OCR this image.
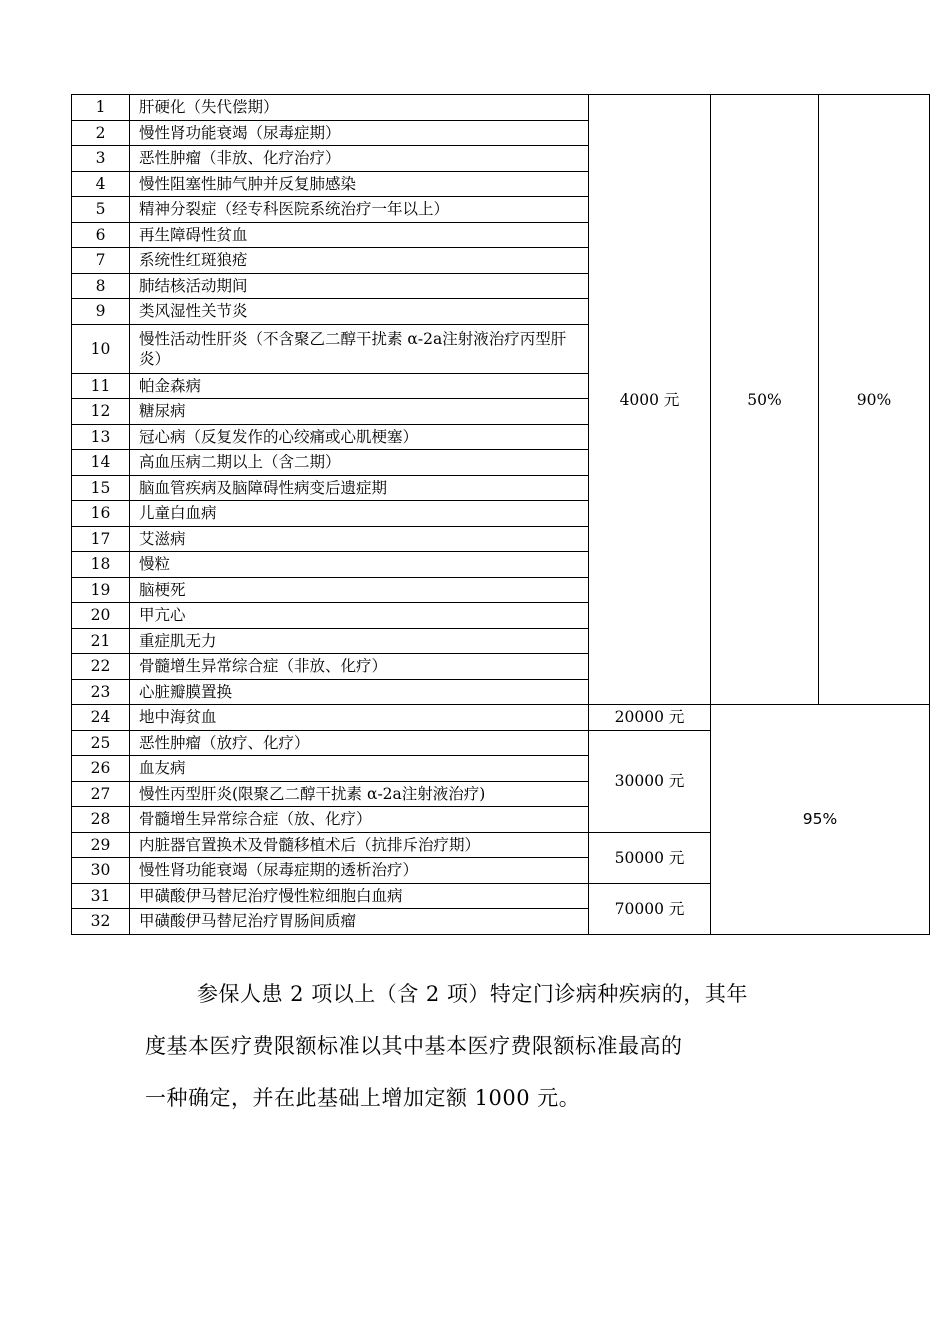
1	肝硬化（失代偿期）	4000 元	50%	90%
2	慢性肾功能衰竭（尿毒症期）			
3	恶性肿瘤（非放、化疗治疗）			
4	慢性阻塞性肺气肿并反复肺感染			
5	精神分裂症（经专科医院系统治疗一年以上）			
6	再生障碍性贫血			
7	系统性红斑狼疮			
8	肺结核活动期间			
9	类风湿性关节炎			
10	慢性活动性肝炎（不含聚乙二醇干扰素 α-2a注射液治疗丙型肝炎）			
11	帕金森病			
12	糖尿病			
13	冠心病（反复发作的心绞痛或心肌梗塞）			
14	高血压病二期以上（含二期）			
15	脑血管疾病及脑障碍性病变后遗症期			
16	儿童白血病			
17	艾滋病			
18	慢粒			
19	脑梗死			
20	甲亢心			
21	重症肌无力			
22	骨髓增生异常综合症（非放、化疗）			
23	心脏瓣膜置换			
24	地中海贫血	20000 元	95%	
25	恶性肿瘤（放疗、化疗）	30000 元		
26	血友病			
27	慢性丙型肝炎(限聚乙二醇干扰素 α-2a注射液治疗)			
28	骨髓增生异常综合症（放、化疗）			
29	内脏器官置换术及骨髓移植术后（抗排斥治疗期）	50000 元		
30	慢性肾功能衰竭（尿毒症期的透析治疗）			
31	甲磺酸伊马替尼治疗慢性粒细胞白血病	70000 元		
32	甲磺酸伊马替尼治疗胃肠间质瘤			

参保人患 2 项以上（含 2 项）特定门诊病种疾病的，其年

度基本医疗费限额标准以其中基本医疗费限额标准最高的

一种确定，并在此基础上增加定额 1000 元。
